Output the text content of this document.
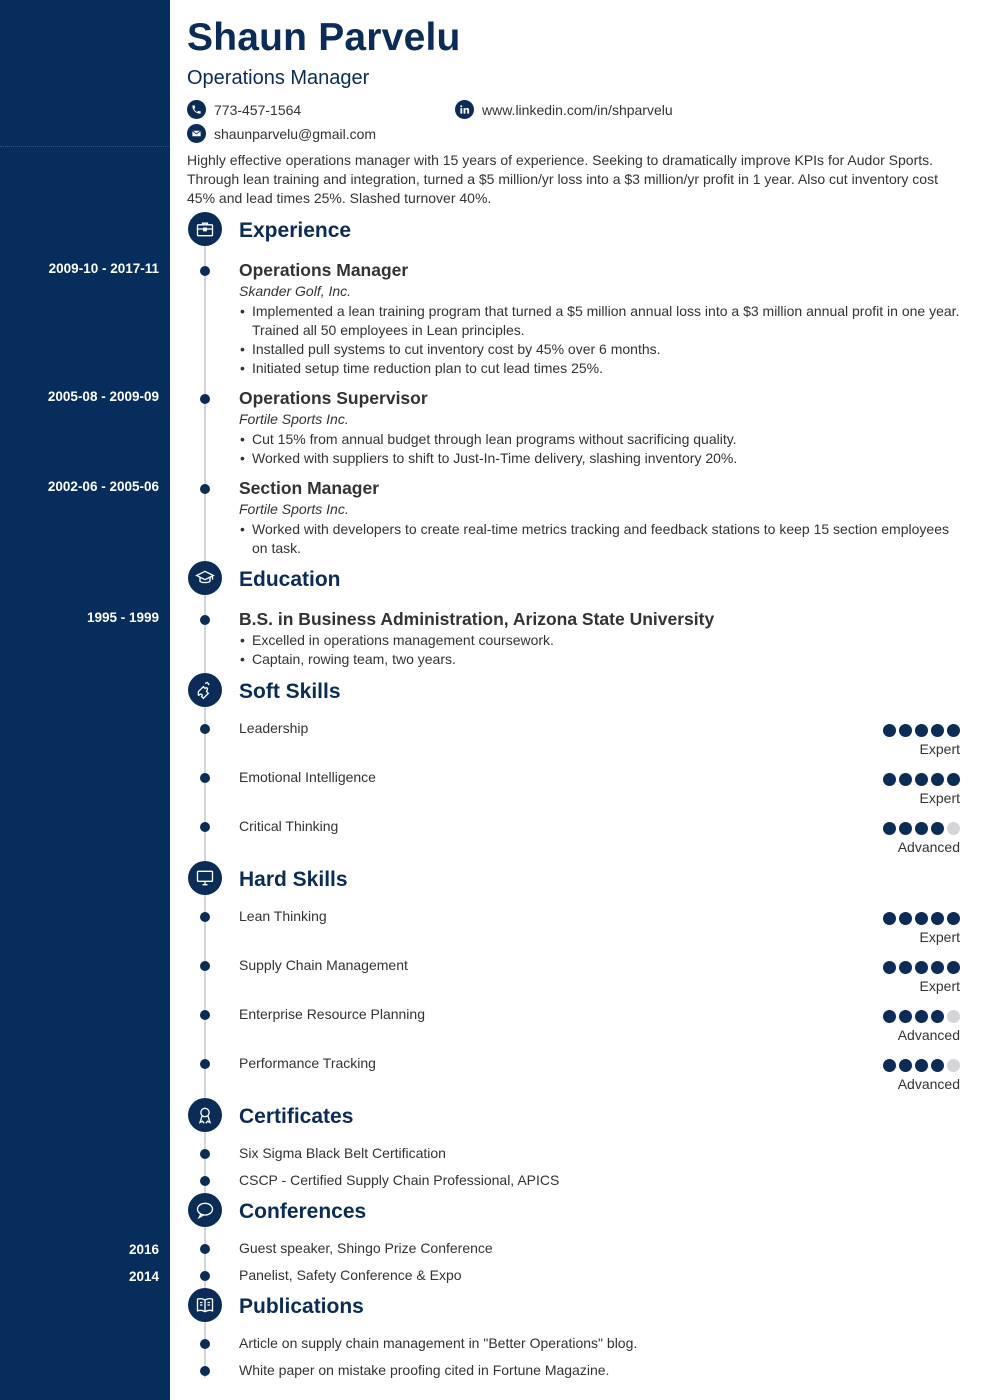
2009-10 - 2017-11
2005-08 - 2009-09
2002-06 - 2005-06
1995 - 1999
2016
2014
Shaun Parvelu
Operations Manager
773-457-1564
shaunparvelu@gmail.com
www.linkedin.com/in/shparvelu

Highly effective operations manager with 15 years of experience. Seeking to dramatically improve KPIs for Audor Sports. Through lean training and integration, turned a $5 million/yr loss into a $3 million/yr profit in 1 year. Also cut inventory cost 45% and lead times 25%. Slashed turnover 40%.

Experience
Operations Manager
Skander Golf, Inc.
• Implemented a lean training program that turned a $5 million annual loss into a $3 million annual profit in one year. Trained all 50 employees in Lean principles.
• Installed pull systems to cut inventory cost by 45% over 6 months.
• Initiated setup time reduction plan to cut lead times 25%.
Operations Supervisor
Fortile Sports Inc.
• Cut 15% from annual budget through lean programs without sacrificing quality.
• Worked with suppliers to shift to Just-In-Time delivery, slashing inventory 20%.
Section Manager
Fortile Sports Inc.
• Worked with developers to create real-time metrics tracking and feedback stations to keep 15 section employees on task.
Education
B.S. in Business Administration, Arizona State University
• Excelled in operations management coursework.
• Captain, rowing team, two years.
Soft Skills
Leadership
Expert
Emotional Intelligence
Expert
Critical Thinking
Advanced
Hard Skills
Lean Thinking
Expert
Supply Chain Management
Expert
Enterprise Resource Planning
Advanced
Performance Tracking
Advanced
Certificates
Six Sigma Black Belt Certification
CSCP - Certified Supply Chain Professional, APICS
Conferences
Guest speaker, Shingo Prize Conference
Panelist, Safety Conference & Expo
Publications
Article on supply chain management in "Better Operations" blog.
White paper on mistake proofing cited in Fortune Magazine.
